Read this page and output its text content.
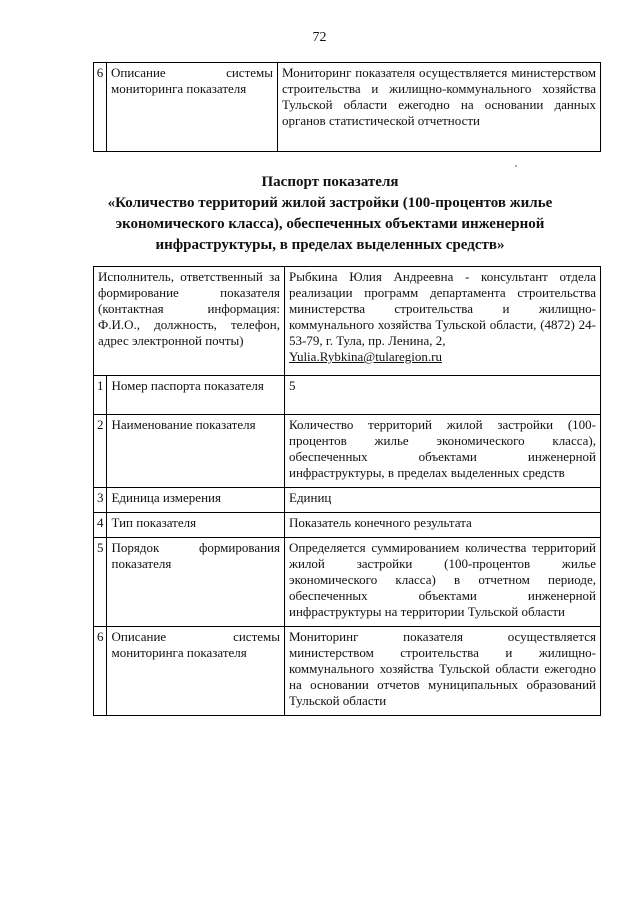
72
6	Описание системы мониторинга показателя	Мониторинг показателя осуществляется министерством строительства и жилищно-коммунального хозяйства Тульской области ежегодно на основании данных органов статистической отчетности
Паспорт показателя
«Количество территорий жилой застройки (100-процентов жилье
экономического класса), обеспеченных объектами инженерной
инфраструктуры, в пределах выделенных средств»
Исполнитель, ответственный за формирование показателя (контактная информация: Ф.И.О., должность, телефон, адрес электронной почты)		Рыбкина Юлия Андреевна - консультант отдела реализации программ департамента строительства министерства строительства и жилищно-коммунального хозяйства Тульской области, (4872) 24-53-79, г. Тула, пр. Ленина, 2,
Yulia.Rybkina@tularegion.ru

1	Номер паспорта показателя	5
2	Наименование показателя	Количество территорий жилой застройки (100-процентов жилье экономического класса), обеспеченных объектами инженерной инфраструктуры, в пределах выделенных средств
3	Единица измерения	Единиц
4	Тип показателя	Показатель конечного результата
5	Порядок формирования показателя	Определяется суммированием количества территорий жилой застройки (100-процентов жилье экономического класса) в отчетном периоде, обеспеченных объектами инженерной инфраструктуры на территории Тульской области
6	Описание системы мониторинга показателя	Мониторинг показателя осуществляется министерством строительства и жилищно-коммунального хозяйства Тульской области ежегодно на основании отчетов муниципальных образований Тульской области
